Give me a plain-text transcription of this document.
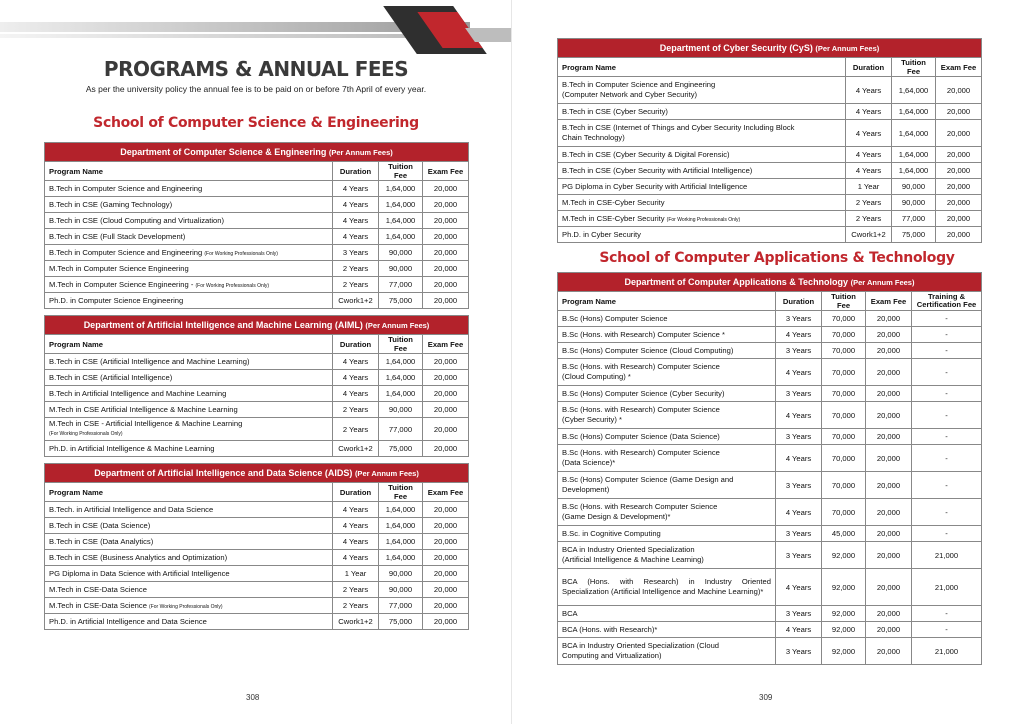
PROGRAMS & ANNUAL FEES
As per the university policy the annual fee is to be paid on or before 7th April of every year.
School of Computer Science & Engineering
Department of Computer Science & Engineering (Per Annum Fees)			
Program Name	Duration	Tuition Fee	Exam Fee
B.Tech in Computer Science and Engineering	4 Years	1,64,000	20,000
B.Tech in CSE (Gaming Technology)	4 Years	1,64,000	20,000
B.Tech in CSE (Cloud Computing and Virtualization)	4 Years	1,64,000	20,000
B.Tech in CSE (Full Stack Development)	4 Years	1,64,000	20,000
B.Tech in Computer Science and Engineering (For Working Professionals Only)	3 Years	90,000	20,000
M.Tech in Computer Science Engineering	2 Years	90,000	20,000
M.Tech in Computer Science Engineering - (For Working Professionals Only)	2 Years	77,000	20,000
Ph.D. in Computer Science Engineering	Cwork1+2	75,000	20,000
Department of Artificial Intelligence and Machine Learning (AIML) (Per Annum Fees)			
Program Name	Duration	Tuition Fee	Exam Fee
B.Tech in CSE (Artificial Intelligence and Machine Learning)	4 Years	1,64,000	20,000
B.Tech in CSE (Artificial Intelligence)	4 Years	1,64,000	20,000
B.Tech in Artificial Intelligence and Machine Learning	4 Years	1,64,000	20,000
M.Tech in CSE Artificial Intelligence & Machine Learning	2 Years	90,000	20,000
M.Tech in CSE - Artificial Intelligence & Machine Learning
(For Working Professionals Only)	2 Years	77,000	20,000
Ph.D. in Artificial Intelligence & Machine Learning	Cwork1+2	75,000	20,000
Department of Artificial Intelligence and Data Science (AIDS) (Per Annum Fees)			
Program Name	Duration	Tuition Fee	Exam Fee
B.Tech. in Artificial Intelligence and Data Science	4 Years	1,64,000	20,000
B.Tech in CSE (Data Science)	4 Years	1,64,000	20,000
B.Tech in CSE (Data Analytics)	4 Years	1,64,000	20,000
B.Tech in CSE (Business Analytics and Optimization)	4 Years	1,64,000	20,000
PG Diploma in Data Science with Artificial Intelligence	1 Year	90,000	20,000
M.Tech in CSE-Data Science	2 Years	90,000	20,000
M.Tech in CSE-Data Science (For Working Professionals Only)	2 Years	77,000	20,000
Ph.D. in Artificial Intelligence and Data Science	Cwork1+2	75,000	20,000
308
Department of Cyber Security (CyS) (Per Annum Fees)			
Program Name	Duration	Tuition Fee	Exam Fee
B.Tech in Computer Science and Engineering
(Computer Network and Cyber Security)	4 Years	1,64,000	20,000
B.Tech in CSE (Cyber Security)	4 Years	1,64,000	20,000
B.Tech in CSE (Internet of Things and Cyber Security Including Block
Chain Technology)	4 Years	1,64,000	20,000
B.Tech in CSE (Cyber Security & Digital Forensic)	4 Years	1,64,000	20,000
B.Tech in CSE (Cyber Security with Artificial Intelligence)	4 Years	1,64,000	20,000
PG Diploma in Cyber Security with Artificial Intelligence	1 Year	90,000	20,000
M.Tech in CSE-Cyber Security	2 Years	90,000	20,000
M.Tech in CSE-Cyber Security (For Working Professionals Only)	2 Years	77,000	20,000
Ph.D. in Cyber Security	Cwork1+2	75,000	20,000
School of Computer Applications & Technology
Department of Computer Applications & Technology (Per Annum Fees)				
Program Name	Duration	Tuition Fee	Exam Fee	Training &
Certification Fee
B.Sc (Hons) Computer Science	3 Years	70,000	20,000	-
B.Sc (Hons. with Research) Computer Science *	4 Years	70,000	20,000	-
B.Sc (Hons) Computer Science (Cloud Computing)	3 Years	70,000	20,000	-
B.Sc (Hons. with Research) Computer Science
(Cloud Computing) *	4 Years	70,000	20,000	-
B.Sc (Hons) Computer Science (Cyber Security)	3 Years	70,000	20,000	-
B.Sc (Hons. with Research) Computer Science
(Cyber Security) *	4 Years	70,000	20,000	-
B.Sc (Hons) Computer Science (Data Science)	3 Years	70,000	20,000	-
B.Sc (Hons. with Research) Computer Science
(Data Science)*	4 Years	70,000	20,000	-
B.Sc (Hons) Computer Science (Game Design and
Development)	3 Years	70,000	20,000	-
B.Sc (Hons. with Research Computer Science
(Game Design & Development)*	4 Years	70,000	20,000	-
B.Sc. in Cognitive Computing	3 Years	45,000	20,000	-
BCA in Industry Oriented Specialization
(Artificial Intelligence & Machine Learning)	3 Years	92,000	20,000	21,000
BCA (Hons. with Research) in Industry Oriented Specialization (Artificial Intelligence and Machine Learning)*	4 Years	92,000	20,000	21,000
BCA	3 Years	92,000	20,000	-
BCA (Hons. with Research)*	4 Years	92,000	20,000	-
BCA in Industry Oriented Specialization (Cloud
Computing and Virtualization)	3 Years	92,000	20,000	21,000
309
